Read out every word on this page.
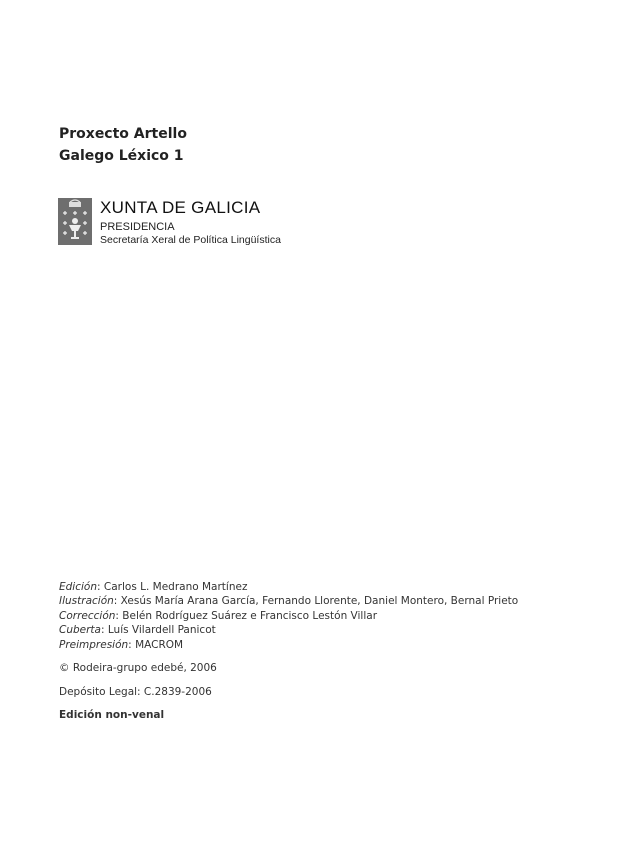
Proxecto Artello
Galego Léxico 1
XUNTA DE GALICIA
PRESIDENCIA
Secretaría Xeral de Política Lingüística
Edición: Carlos L. Medrano Martínez
Ilustración: Xesús María Arana García, Fernando Llorente, Daniel Montero, Bernal Prieto
Corrección: Belén Rodríguez Suárez e Francisco Lestón Villar
Cuberta: Luís Vilardell Panicot
Preimpresión: MACROM
© Rodeira-grupo edebé, 2006
Depósito Legal: C.2839-2006
Edición non-venal
